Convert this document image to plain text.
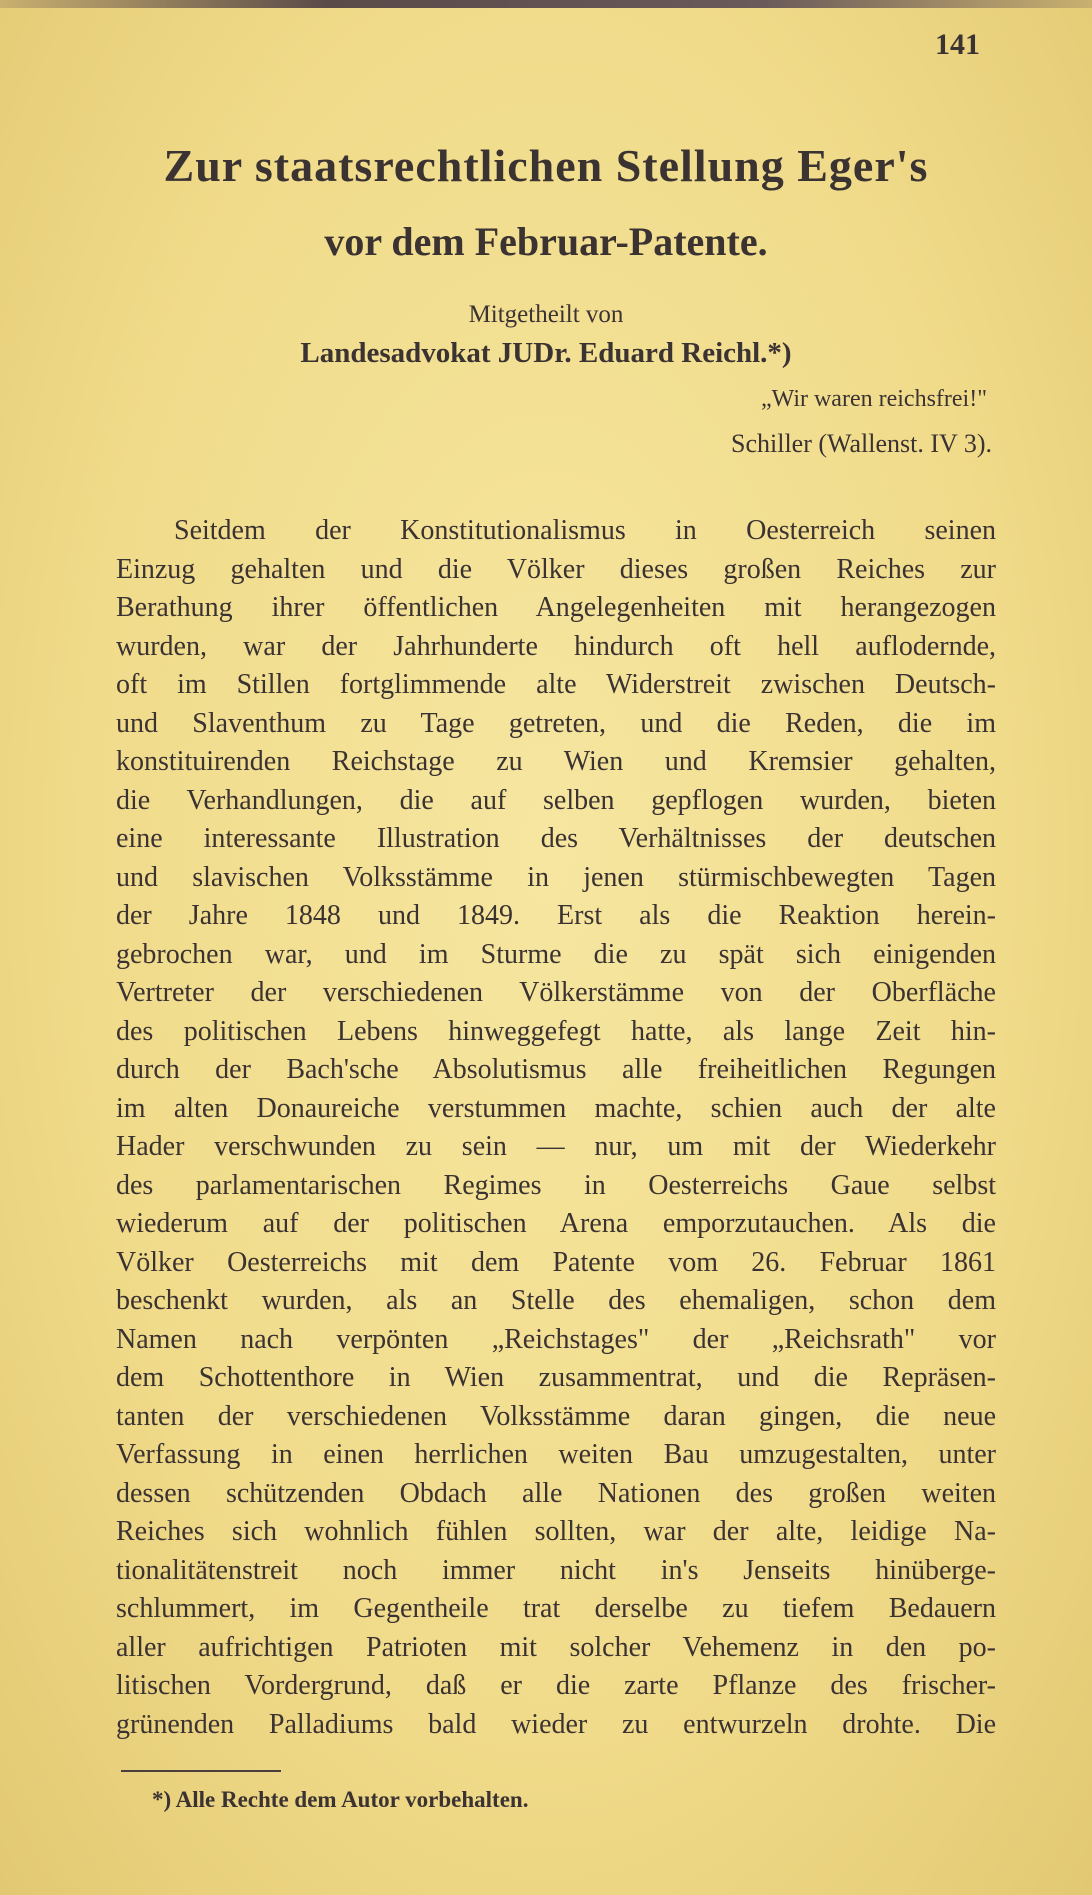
141
Zur staatsrechtlichen Stellung Eger's
vor dem Februar-Patente.
Mitgetheilt von
Landesadvokat JUDr. Eduard Reichl.*)
„Wir waren reichsfrei!"
Schiller (Wallenst. IV 3).
Seitdem der Konstitutionalismus in Oesterreich seinen
Einzug gehalten und die Völker dieses großen Reiches zur
Berathung ihrer öffentlichen Angelegenheiten mit herangezogen
wurden, war der Jahrhunderte hindurch oft hell auflodernde,
oft im Stillen fortglimmende alte Widerstreit zwischen Deutsch-
und Slaventhum zu Tage getreten, und die Reden, die im
konstituirenden Reichstage zu Wien und Kremsier gehalten,
die Verhandlungen, die auf selben gepflogen wurden, bieten
eine interessante Illustration des Verhältnisses der deutschen
und slavischen Volksstämme in jenen stürmischbewegten Tagen
der Jahre 1848 und 1849. Erst als die Reaktion herein-
gebrochen war, und im Sturme die zu spät sich einigenden
Vertreter der verschiedenen Völkerstämme von der Oberfläche
des politischen Lebens hinweggefegt hatte, als lange Zeit hin-
durch der Bach'sche Absolutismus alle freiheitlichen Regungen
im alten Donaureiche verstummen machte, schien auch der alte
Hader verschwunden zu sein — nur, um mit der Wiederkehr
des parlamentarischen Regimes in Oesterreichs Gaue selbst
wiederum auf der politischen Arena emporzutauchen. Als die
Völker Oesterreichs mit dem Patente vom 26. Februar 1861
beschenkt wurden, als an Stelle des ehemaligen, schon dem
Namen nach verpönten „Reichstages" der „Reichsrath" vor
dem Schottenthore in Wien zusammentrat, und die Repräsen-
tanten der verschiedenen Volksstämme daran gingen, die neue
Verfassung in einen herrlichen weiten Bau umzugestalten, unter
dessen schützenden Obdach alle Nationen des großen weiten
Reiches sich wohnlich fühlen sollten, war der alte, leidige Na-
tionalitätenstreit noch immer nicht in's Jenseits hinüberge-
schlummert, im Gegentheile trat derselbe zu tiefem Bedauern
aller aufrichtigen Patrioten mit solcher Vehemenz in den po-
litischen Vordergrund, daß er die zarte Pflanze des frischer-
grünenden Palladiums bald wieder zu entwurzeln drohte. Die
*) Alle Rechte dem Autor vorbehalten.
